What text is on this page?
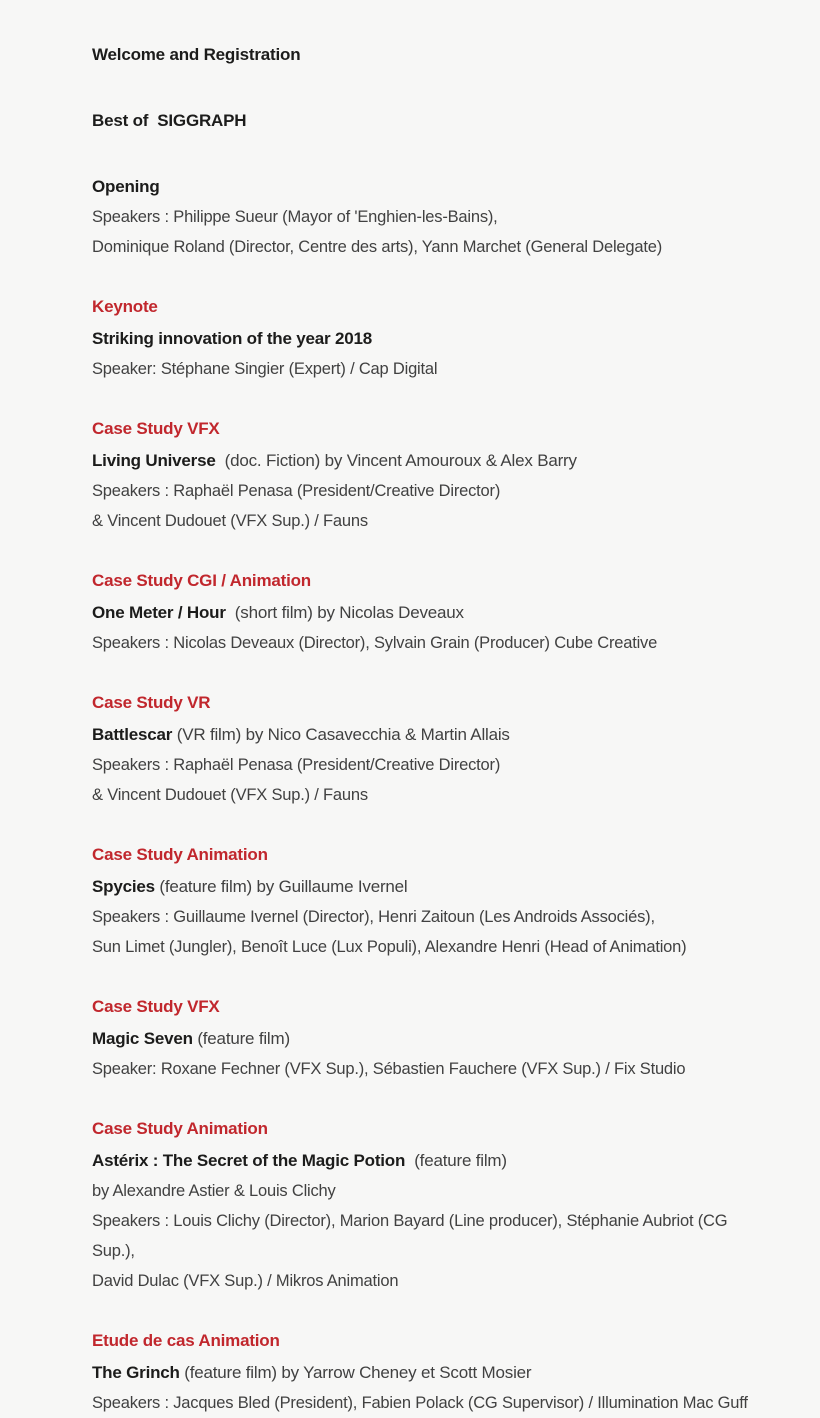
Welcome and Registration
Best of  SIGGRAPH
Opening
Speakers : Philippe Sueur (Mayor of 'Enghien-les-Bains),
Dominique Roland (Director, Centre des arts), Yann Marchet (General Delegate)
Keynote
Striking innovation of the year 2018
Speaker: Stéphane Singier (Expert) / Cap Digital
Case Study VFX
Living Universe  (doc. Fiction) by Vincent Amouroux & Alex Barry
Speakers : Raphaël Penasa (President/Creative Director)
& Vincent Dudouet (VFX Sup.) / Fauns
Case Study CGI / Animation
One Meter / Hour  (short film) by Nicolas Deveaux
Speakers : Nicolas Deveaux (Director), Sylvain Grain (Producer) Cube Creative
Case Study VR
Battlescar (VR film) by Nico Casavecchia & Martin Allais
Speakers : Raphaël Penasa (President/Creative Director)
& Vincent Dudouet (VFX Sup.) / Fauns
Case Study Animation
Spycies (feature film) by Guillaume Ivernel
Speakers : Guillaume Ivernel (Director), Henri Zaitoun (Les Androids Associés),
Sun Limet (Jungler), Benoît Luce (Lux Populi), Alexandre Henri (Head of Animation)
Case Study VFX
Magic Seven (feature film)
Speaker: Roxane Fechner (VFX Sup.), Sébastien Fauchere (VFX Sup.) / Fix Studio
Case Study Animation
Astérix : The Secret of the Magic Potion  (feature film)
by Alexandre Astier & Louis Clichy
Speakers : Louis Clichy (Director), Marion Bayard (Line producer), Stéphanie Aubriot (CG Sup.),
David Dulac (VFX Sup.) / Mikros Animation
Etude de cas Animation
The Grinch (feature film) by Yarrow Cheney et Scott Mosier
Speakers : Jacques Bled (President), Fabien Polack (CG Supervisor) / Illumination Mac Guff
